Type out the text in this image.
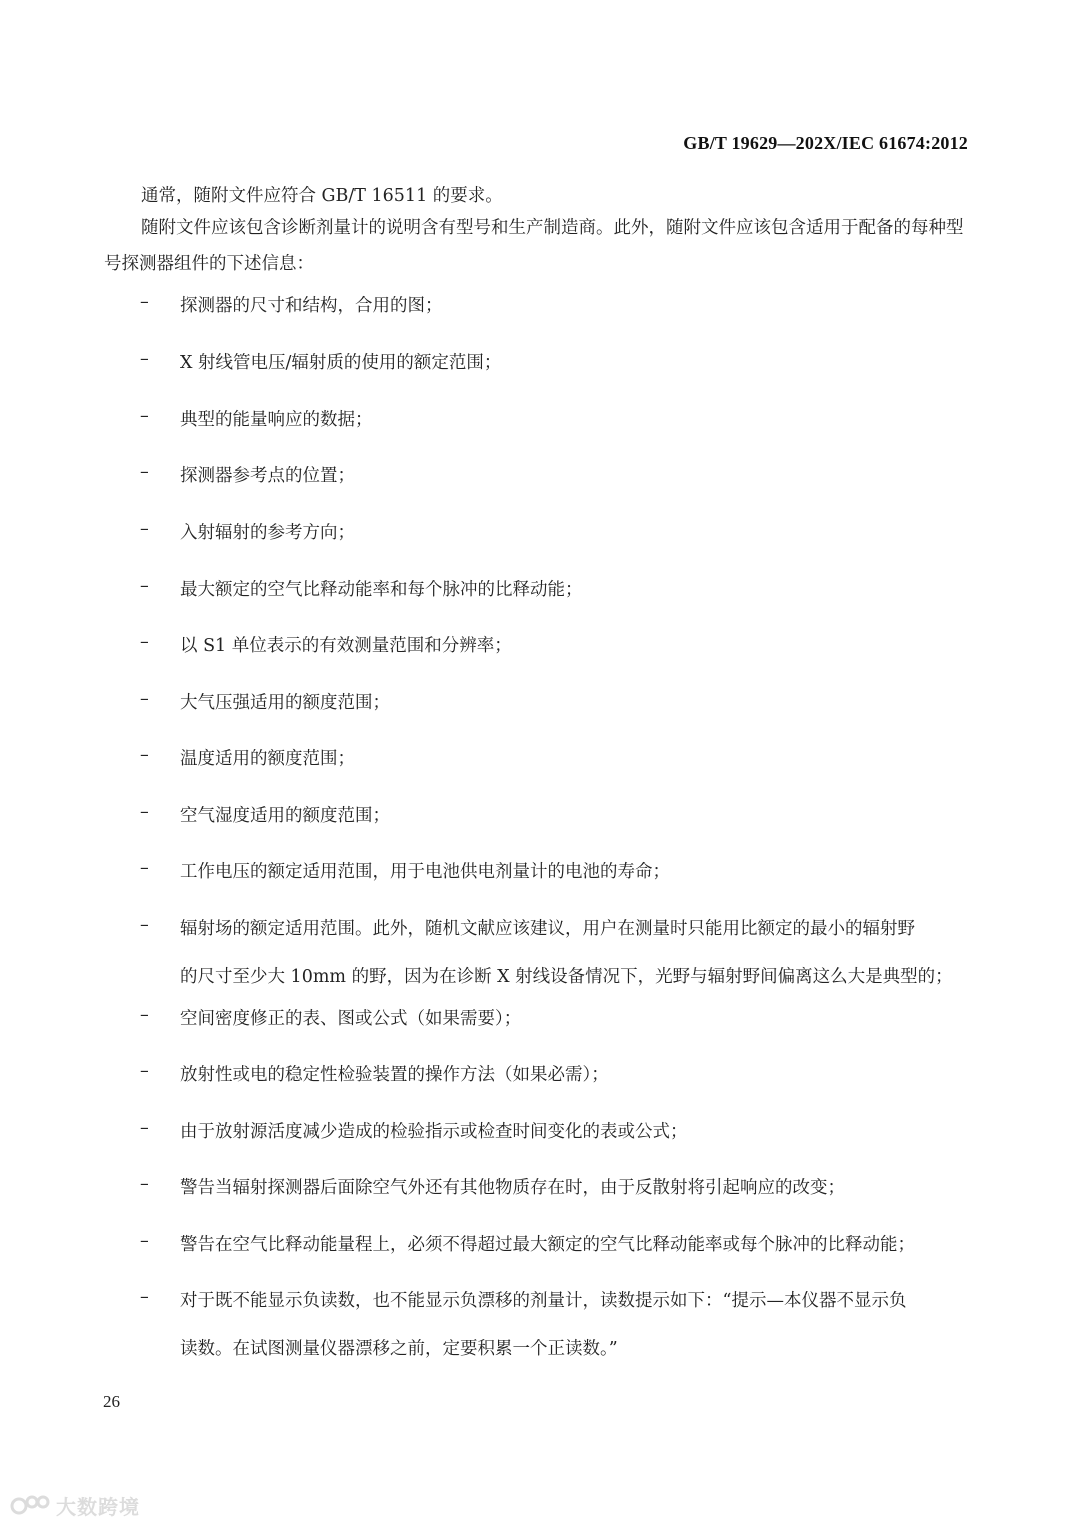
GB/T 19629—202X/IEC 61674:2012

通常，随附文件应符合 GB/T 16511 的要求。

随附文件应该包含诊断剂量计的说明含有型号和生产制造商。此外，随附文件应该包含适用于配备的每种型号探测器组件的下述信息：

–	探测器的尺寸和结构，合用的图；
–	X 射线管电压/辐射质的使用的额定范围；
–	典型的能量响应的数据；
–	探测器参考点的位置；
–	入射辐射的参考方向；
–	最大额定的空气比释动能率和每个脉冲的比释动能；
–	以 S1 单位表示的有效测量范围和分辨率；
–	大气压强适用的额度范围；
–	温度适用的额度范围；
–	空气湿度适用的额度范围；
–	工作电压的额定适用范围，用于电池供电剂量计的电池的寿命；
–	辐射场的额定适用范围。此外，随机文献应该建议，用户在测量时只能用比额定的最小的辐射野
的尺寸至少大 10mm 的野，因为在诊断 X 射线设备情况下，光野与辐射野间偏离这么大是典型的；
–	空间密度修正的表、图或公式（如果需要）；
–	放射性或电的稳定性检验装置的操作方法（如果必需）；
–	由于放射源活度减少造成的检验指示或检查时间变化的表或公式；
–	警告当辐射探测器后面除空气外还有其他物质存在时，由于反散射将引起响应的改变；
–	警告在空气比释动能量程上，必须不得超过最大额定的空气比释动能率或每个脉冲的比释动能；
–	对于既不能显示负读数，也不能显示负漂移的剂量计，读数提示如下：“提示—本仪器不显示负
读数。在试图测量仪器漂移之前，定要积累一个正读数。”
26
大数跨境
